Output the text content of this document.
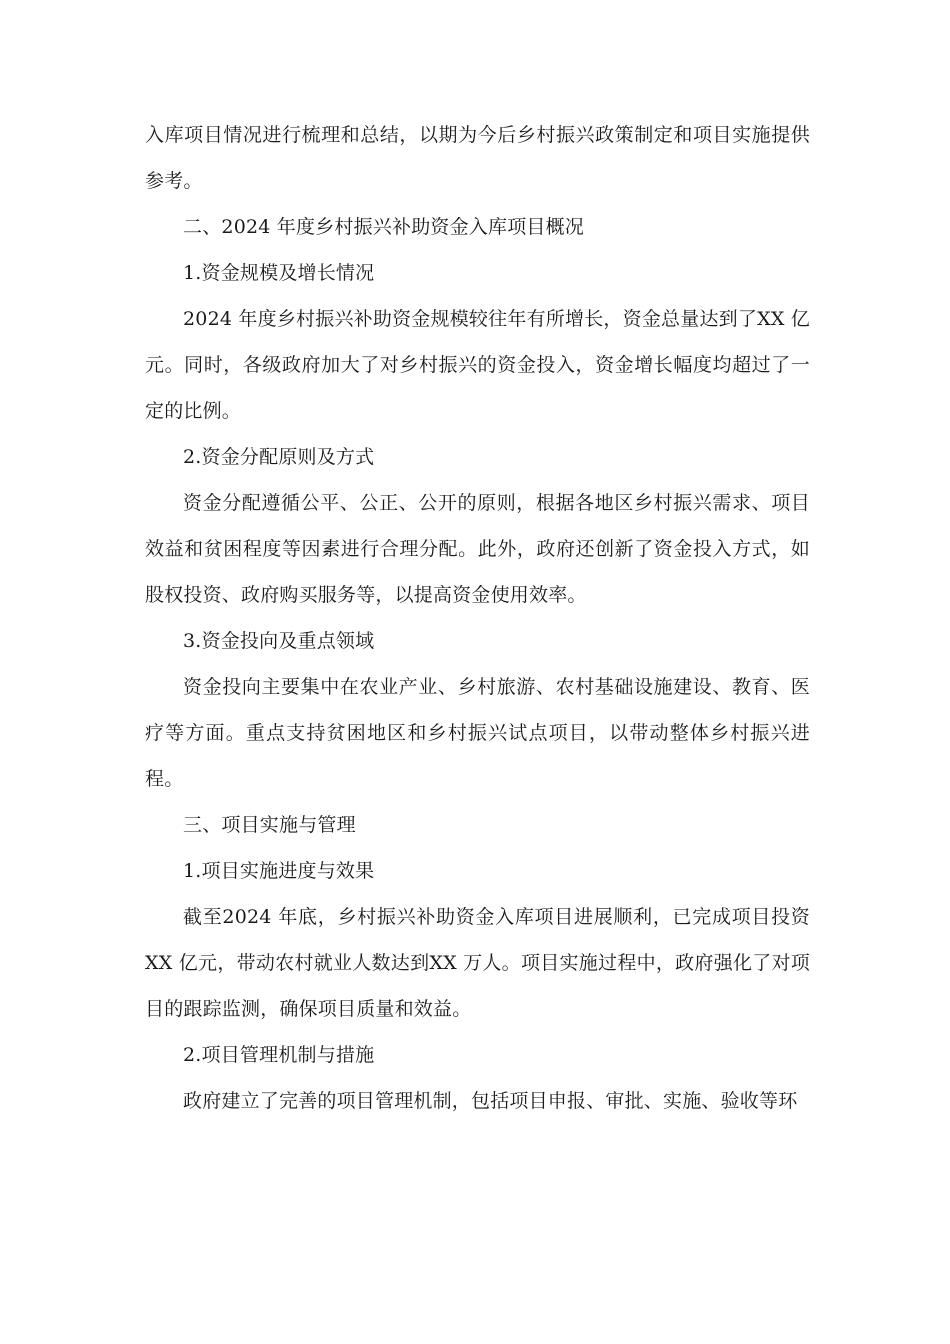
入库项目情况进行梳理和总结，以期为今后乡村振兴政策制定和项目实施提供参考。

二、2024 年度乡村振兴补助资金入库项目概况

1.资金规模及增长情况

2024 年度乡村振兴补助资金规模较往年有所增长，资金总量达到了XX 亿元。同时，各级政府加大了对乡村振兴的资金投入，资金增长幅度均超过了一定的比例。

2.资金分配原则及方式

资金分配遵循公平、公正、公开的原则，根据各地区乡村振兴需求、项目效益和贫困程度等因素进行合理分配。此外，政府还创新了资金投入方式，如股权投资、政府购买服务等，以提高资金使用效率。

3.资金投向及重点领域

资金投向主要集中在农业产业、乡村旅游、农村基础设施建设、教育、医疗等方面。重点支持贫困地区和乡村振兴试点项目，以带动整体乡村振兴进程。

三、项目实施与管理

1.项目实施进度与效果

截至2024 年底，乡村振兴补助资金入库项目进展顺利，已完成项目投资XX 亿元，带动农村就业人数达到XX 万人。项目实施过程中，政府强化了对项目的跟踪监测，确保项目质量和效益。

2.项目管理机制与措施

政府建立了完善的项目管理机制，包括项目申报、审批、实施、验收等环
